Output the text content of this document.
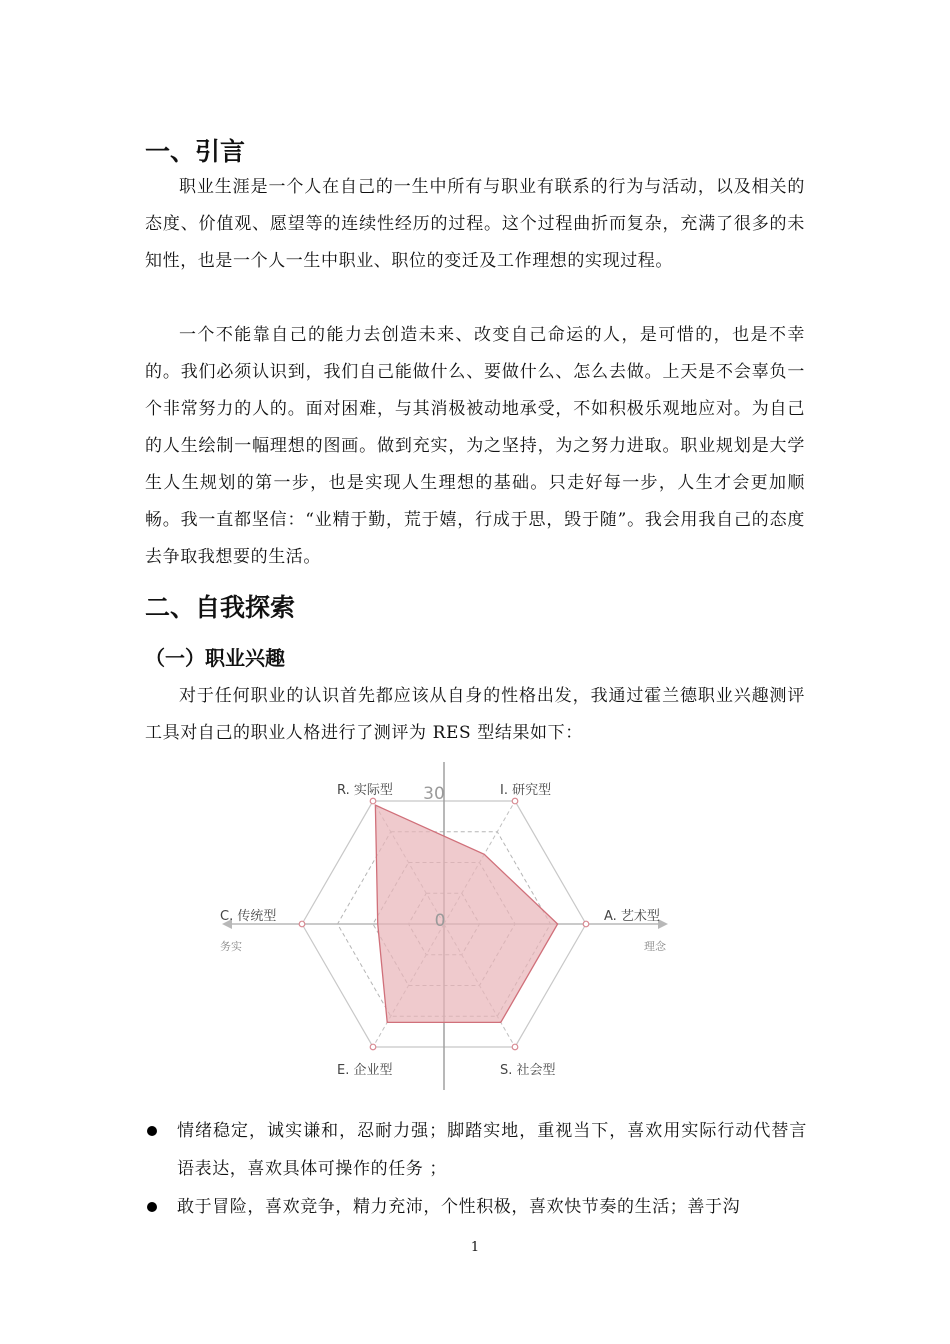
一、引言

职业生涯是一个人在自己的一生中所有与职业有联系的行为与活动，以及相关的态度、价值观、愿望等的连续性经历的过程。这个过程曲折而复杂，充满了很多的未知性，也是一个人一生中职业、职位的变迁及工作理想的实现过程。

一个不能靠自己的能力去创造未来、改变自己命运的人，是可惜的，也是不幸的。我们必须认识到，我们自己能做什么、要做什么、怎么去做。上天是不会辜负一个非常努力的人的。面对困难，与其消极被动地承受，不如积极乐观地应对。为自己的人生绘制一幅理想的图画。做到充实，为之坚持，为之努力进取。职业规划是大学生人生规划的第一步，也是实现人生理想的基础。只走好每一步，人生才会更加顺畅。我一直都坚信：“业精于勤，荒于嬉，行成于思，毁于随”。我会用我自己的态度去争取我想要的生活。

二、自我探索
（一）职业兴趣

对于任何职业的认识首先都应该从自身的性格出发，我通过霍兰德职业兴趣测评工具对自己的职业人格进行了测评为 RES 型结果如下：

R. 实际型	I. 研究型
A. 艺术型
S. 社会型
E. 企业型
C. 传统型
30
0
务实	理念
情绪稳定，诚实谦和，忍耐力强；脚踏实地，重视当下，喜欢用实际行动代替言语表达，喜欢具体可操作的任务 ；
敢于冒险，喜欢竞争，精力充沛，个性积极，喜欢快节奏的生活；善于沟
1
